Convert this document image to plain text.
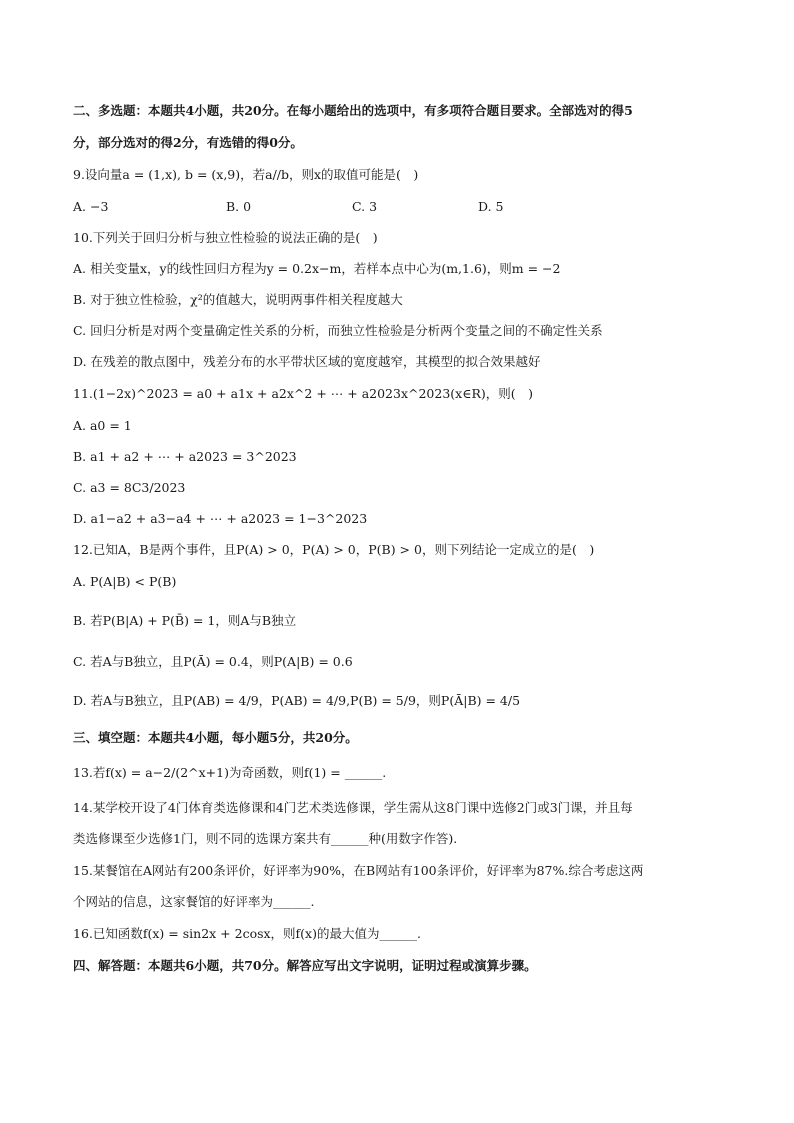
二、多选题：本题共4小题，共20分。在每小题给出的选项中，有多项符合题目要求。全部选对的得5
分，部分选对的得2分，有选错的得0分。
9.设向量a = (1,x), b = (x,9)，若a//b，则x的取值可能是(　)
A. −3	B. 0	C. 3	D. 5
10.下列关于回归分析与独立性检验的说法正确的是(　)
A. 相关变量x，y的线性回归方程为y = 0.2x−m，若样本点中心为(m,1.6)，则m = −2
B. 对于独立性检验，χ²的值越大，说明两事件相关程度越大
C. 回归分析是对两个变量确定性关系的分析，而独立性检验是分析两个变量之间的不确定性关系
D. 在残差的散点图中，残差分布的水平带状区域的宽度越窄，其模型的拟合效果越好
11.(1−2x)^2023 = a0 + a1x + a2x^2 + ⋯ + a2023x^2023(x∈R)，则(　)
A. a0 = 1
B. a1 + a2 + ⋯ + a2023 = 3^2023
C. a3 = 8C3/2023
D. a1−a2 + a3−a4 + ⋯ + a2023 = 1−3^2023
12.已知A，B是两个事件，且P(A) > 0，P(A) > 0，P(B) > 0，则下列结论一定成立的是(　)
A. P(A|B) < P(B)
B. 若P(B|A) + P(B̄) = 1，则A与B独立
C. 若A与B独立，且P(Ā) = 0.4，则P(A|B) = 0.6
D. 若A与B独立，且P(AB) = 4/9，P(AB) = 4/9,P(B) = 5/9，则P(Ā|B) = 4/5
三、填空题：本题共4小题，每小题5分，共20分。
13.若f(x) = a−2/(2^x+1)为奇函数，则f(1) = ______.
14.某学校开设了4门体育类选修课和4门艺术类选修课，学生需从这8门课中选修2门或3门课，并且每
类选修课至少选修1门，则不同的选课方案共有______种(用数字作答).
15.某餐馆在A网站有200条评价，好评率为90%，在B网站有100条评价，好评率为87%.综合考虑这两
个网站的信息，这家餐馆的好评率为______.
16.已知函数f(x) = sin2x + 2cosx，则f(x)的最大值为______.
四、解答题：本题共6小题，共70分。解答应写出文字说明，证明过程或演算步骤。
